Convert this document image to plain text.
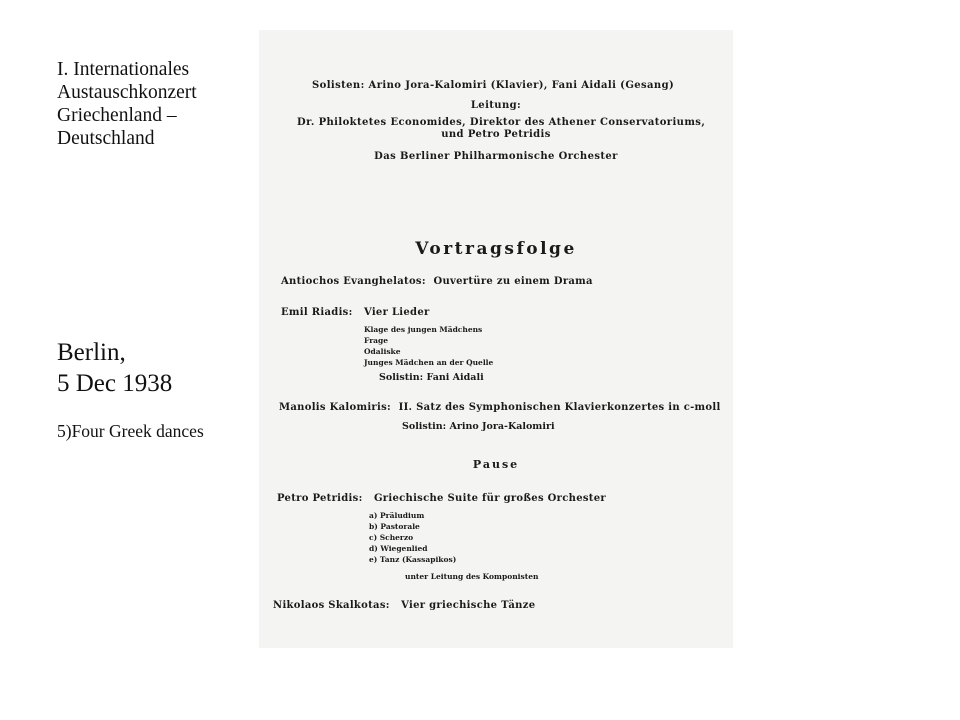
I. Internationales
Austauschkonzert
Griechenland –
Deutschland
Berlin,
5 Dec 1938
5)Four Greek dances
Solisten: Arino Jora-Kalomiri (Klavier), Fani Aidali (Gesang)
Leitung:
Dr. Philoktetes Economides, Direktor des Athener Conservatoriums,
und Petro Petridis
Das Berliner Philharmonische Orchester
Vortragsfolge
Antiochos Evanghelatos: Ouvertüre zu einem Drama
Emil Riadis: Vier Lieder
Klage des jungen Mädchens
Frage
Odaliske
Junges Mädchen an der Quelle
Solistin: Fani Aidali
Manolis Kalomiris: II. Satz des Symphonischen Klavierkonzertes in c-moll
Solistin: Arino Jora-Kalomiri
Pause
Petro Petridis: Griechische Suite für großes Orchester
a) Präludium
b) Pastorale
c) Scherzo
d) Wiegenlied
e) Tanz (Kassapikos)
unter Leitung des Komponisten
Nikolaos Skalkotas: Vier griechische Tänze
